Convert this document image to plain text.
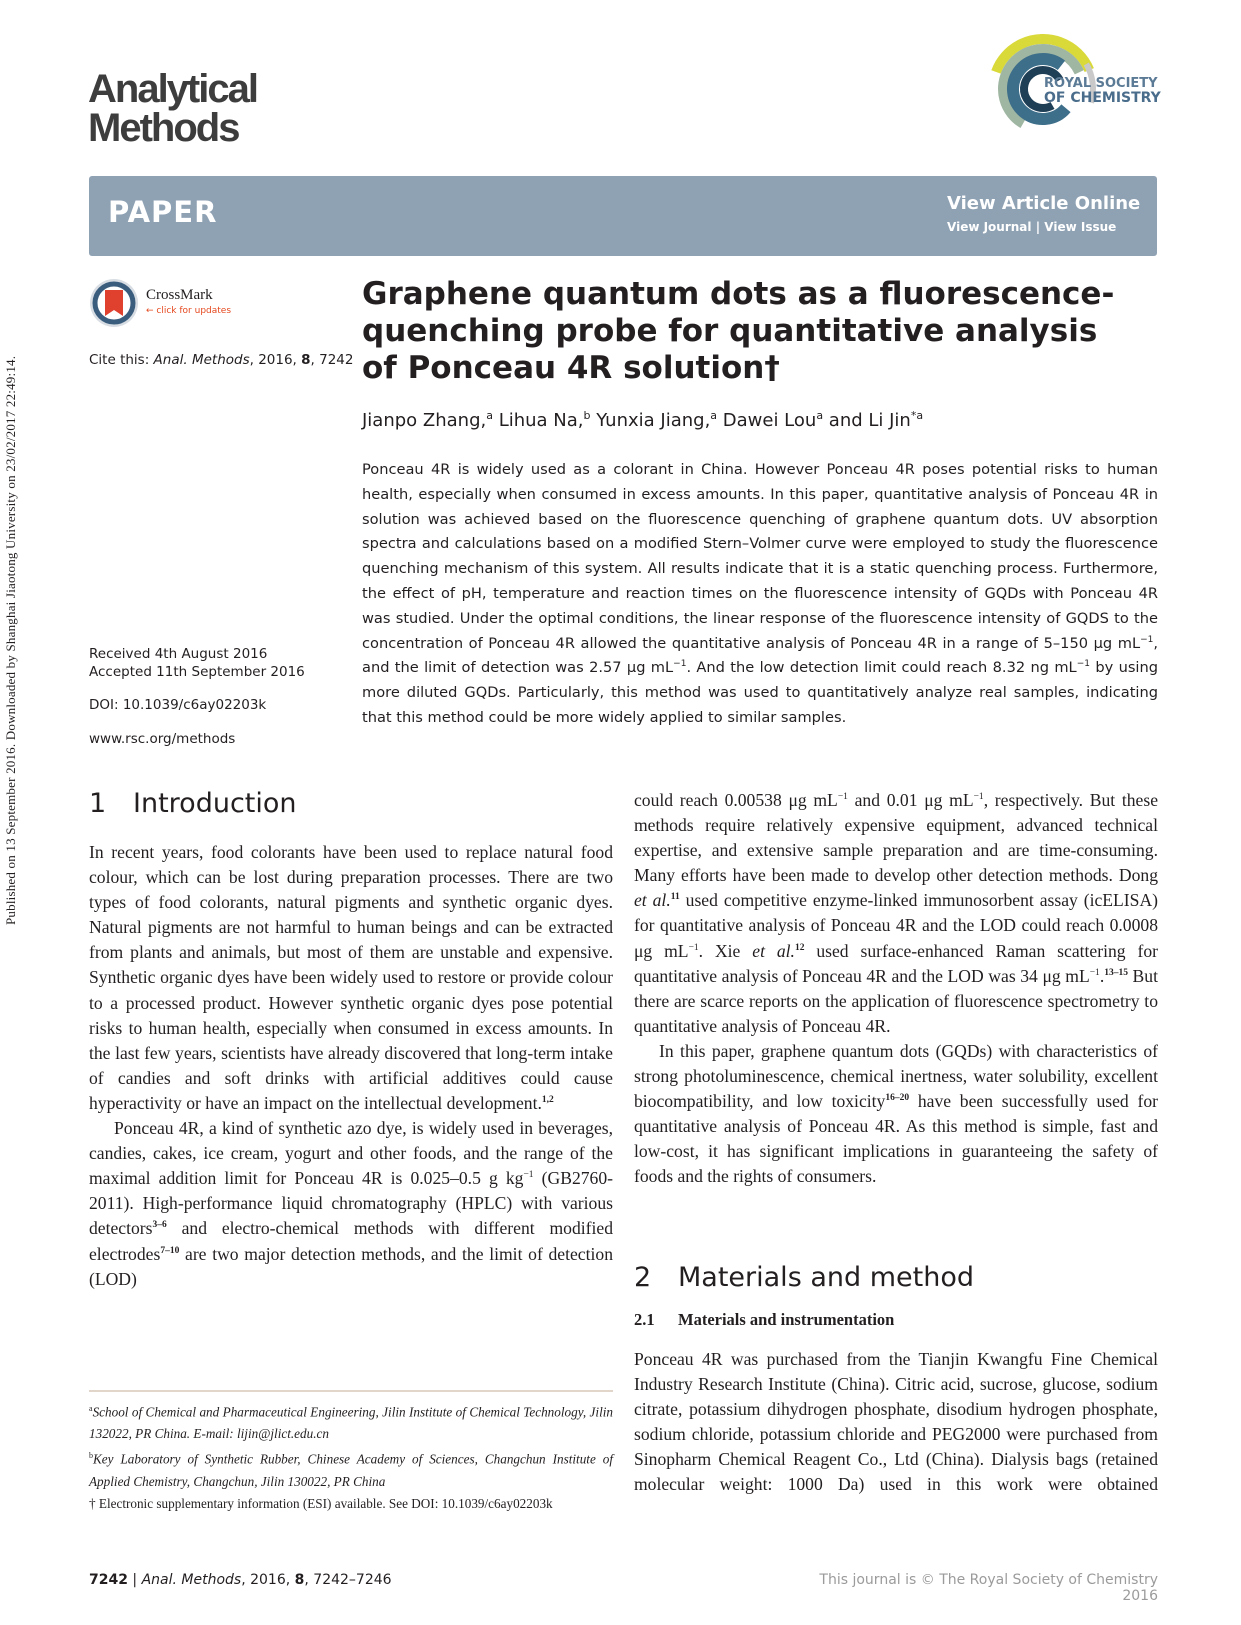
Published on 13 September 2016. Downloaded by Shanghai Jiaotong University on 23/02/2017 22:49:14.
Analytical
Methods
ROYAL SOCIETY
OF CHEMISTRY
PAPER	View Article Online
View Journal | View Issue
CrossMark
← click for updates
Cite this: Anal. Methods, 2016, 8, 7242
Graphene quantum dots as a fluorescence-quenching probe for quantitative analysis of Ponceau 4R solution†
Jianpo Zhang,$^a$ Lihua Na,$^b$ Yunxia Jiang,$^a$ Dawei Lou$^a$ and Li Jin$^{*a}$
Ponceau 4R is widely used as a colorant in China. However Ponceau 4R poses potential risks to human health, especially when consumed in excess amounts. In this paper, quantitative analysis of Ponceau 4R in solution was achieved based on the fluorescence quenching of graphene quantum dots. UV absorption spectra and calculations based on a modified Stern–Volmer curve were employed to study the fluorescence quenching mechanism of this system. All results indicate that it is a static quenching process. Furthermore, the effect of pH, temperature and reaction times on the fluorescence intensity of GQDs with Ponceau 4R was studied. Under the optimal conditions, the linear response of the fluorescence intensity of GQDS to the concentration of Ponceau 4R allowed the quantitative analysis of Ponceau 4R in a range of 5–150 μg $mL^{-1}$, and the limit of detection was 2.57 μg $mL^{-1}$. And the low detection limit could reach 8.32 ng $mL^{-1}$ by using more diluted GQDs. Particularly, this method was used to quantitatively analyze real samples, indicating that this method could be more widely applied to similar samples.
Received 4th August 2016
Accepted 11th September 2016
DOI: 10.1039/c6ay02203k
www.rsc.org/methods
1 Introduction

In recent years, food colorants have been used to replace natural food colour, which can be lost during preparation processes. There are two types of food colorants, natural pigments and synthetic organic dyes. Natural pigments are not harmful to human beings and can be extracted from plants and animals, but most of them are unstable and expensive. Synthetic organic dyes have been widely used to restore or provide colour to a processed product. However synthetic organic dyes pose potential risks to human health, especially when consumed in excess amounts. In the last few years, scientists have already discovered that long-term intake of candies and soft drinks with artificial additives could cause hyperactivity or have an impact on the intellectual development.$^{1,2}$

Ponceau 4R, a kind of synthetic azo dye, is widely used in beverages, candies, cakes, ice cream, yogurt and other foods, and the range of the maximal addition limit for Ponceau 4R is 0.025–0.5 g $kg^{-1}$ (GB2760-2011). High-performance liquid chromatography (HPLC) with various detectors$^{3-6}$ and electro-chemical methods with different modified electrodes$^{7-10}$ are two major detection methods, and the limit of detection (LOD)

$^a$School of Chemical and Pharmaceutical Engineering, Jilin Institute of Chemical Technology, Jilin 132022, PR China. E-mail: lijin@jlict.edu.cn

$^b$Key Laboratory of Synthetic Rubber, Chinese Academy of Sciences, Changchun Institute of Applied Chemistry, Changchun, Jilin 130022, PR China

† Electronic supplementary information (ESI) available. See DOI: 10.1039/c6ay02203k

could reach 0.00538 μg $mL^{-1}$ and 0.01 μg $mL^{-1}$, respectively. But these methods require relatively expensive equipment, advanced technical expertise, and extensive sample preparation and are time-consuming. Many efforts have been made to develop other detection methods. Dong et al.$^{11}$ used competitive enzyme-linked immunosorbent assay (icELISA) for quantitative analysis of Ponceau 4R and the LOD could reach 0.0008 μg $mL^{-1}$. Xie et al.$^{12}$ used surface-enhanced Raman scattering for quantitative analysis of Ponceau 4R and the LOD was 34 μg $mL^{-1}.^{13-15}$ But there are scarce reports on the application of fluorescence spectrometry to quantitative analysis of Ponceau 4R.

In this paper, graphene quantum dots (GQDs) with characteristics of strong photoluminescence, chemical inertness, water solubility, excellent biocompatibility, and low toxicity$^{16-20}$ have been successfully used for quantitative analysis of Ponceau 4R. As this method is simple, fast and low-cost, it has significant implications in guaranteeing the safety of foods and the rights of consumers.

2 Materials and method
2.1 Materials and instrumentation

Ponceau 4R was purchased from the Tianjin Kwangfu Fine Chemical Industry Research Institute (China). Citric acid, sucrose, glucose, sodium citrate, potassium dihydrogen phosphate, disodium hydrogen phosphate, sodium chloride, potassium chloride and PEG2000 were purchased from Sinopharm Chemical Reagent Co., Ltd (China). Dialysis bags (retained molecular weight: 1000 Da) used in this work were obtained

7242 | Anal. Methods, 2016, 8, 7242–7246	This journal is © The Royal Society of Chemistry 2016
